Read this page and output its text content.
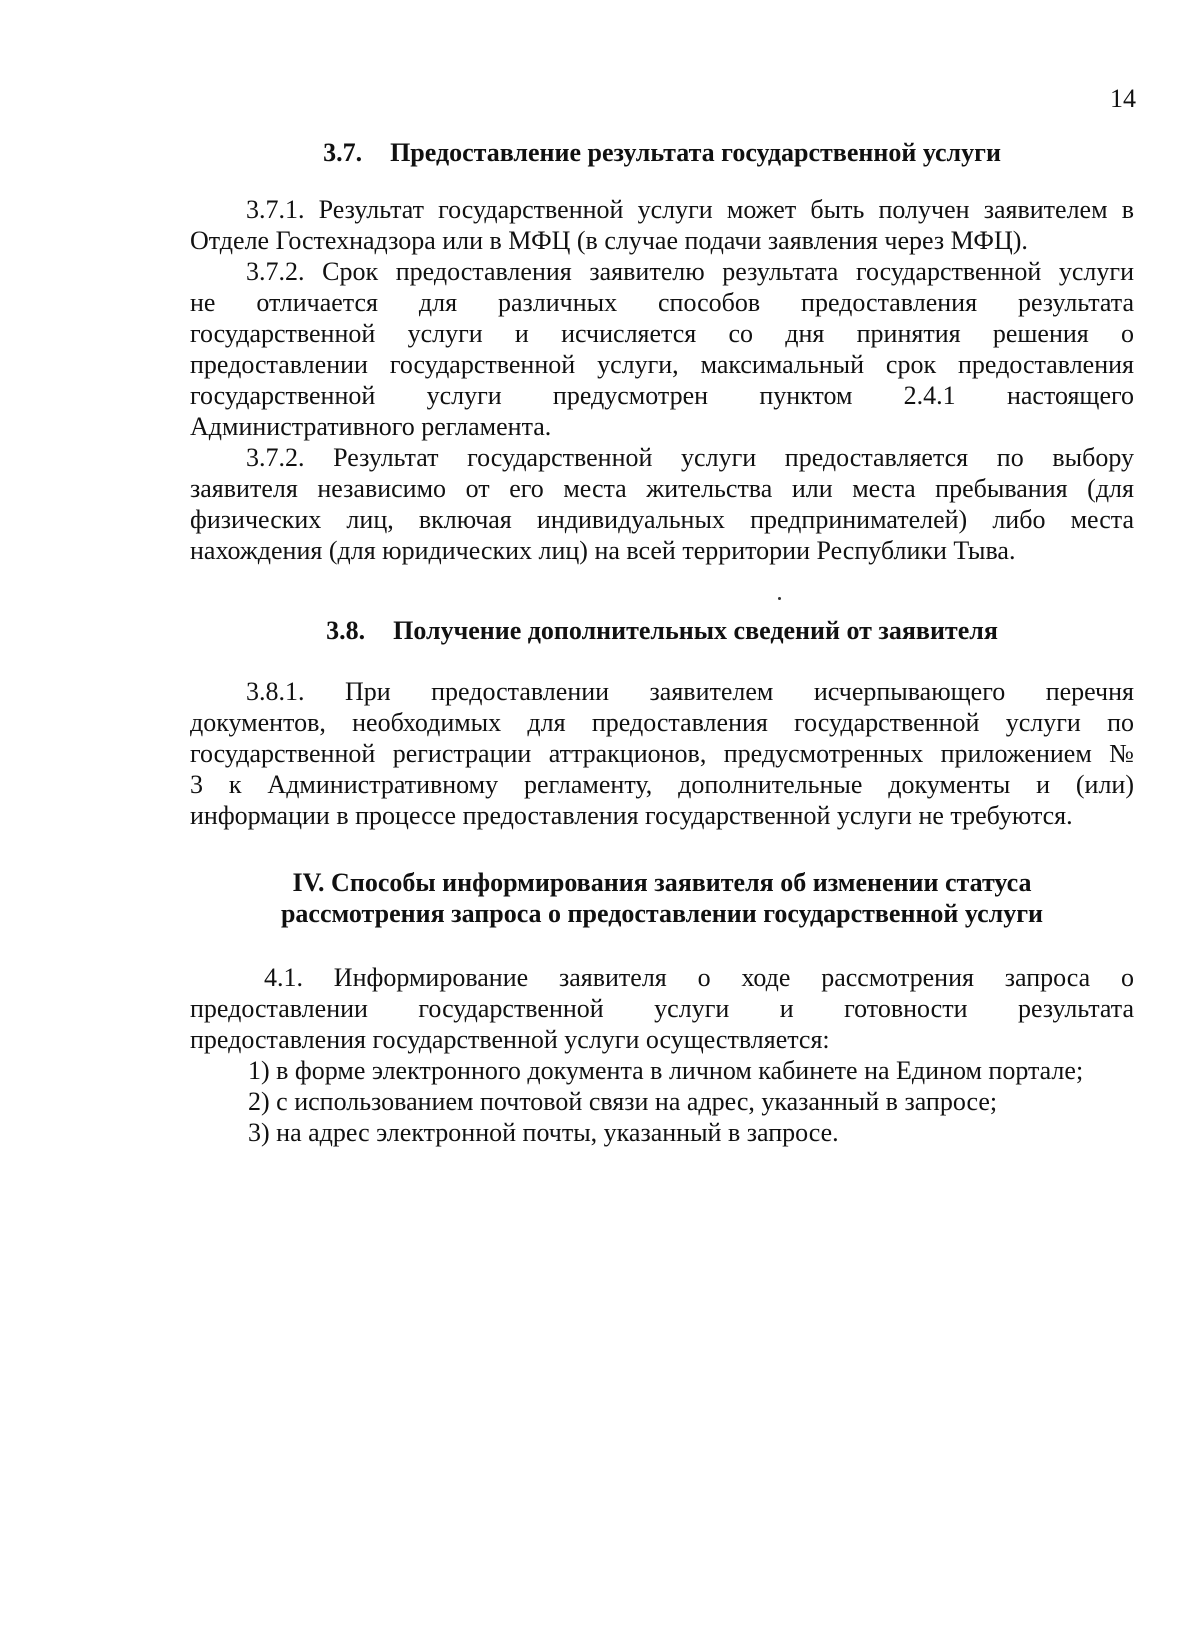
14
3.7. Предоставление результата государственной услуги
3.7.1. Результат государственной услуги может быть получен заявителем в
Отделе Гостехнадзора или в МФЦ (в случае подачи заявления через МФЦ).
3.7.2. Срок предоставления заявителю результата государственной услуги
не отличается для различных способов предоставления результата
государственной услуги и исчисляется со дня принятия решения о
предоставлении государственной услуги, максимальный срок предоставления
государственной услуги предусмотрен пунктом 2.4.1 настоящего
Административного регламента.
3.7.2. Результат государственной услуги предоставляется по выбору
заявителя независимо от его места жительства или места пребывания (для
физических лиц, включая индивидуальных предпринимателей) либо места
нахождения (для юридических лиц) на всей территории Республики Тыва.
3.8. Получение дополнительных сведений от заявителя
3.8.1. При предоставлении заявителем исчерпывающего перечня
документов, необходимых для предоставления государственной услуги по
государственной регистрации аттракционов, предусмотренных приложением №
3 к Административному регламенту, дополнительные документы и (или)
информации в процессе предоставления государственной услуги не требуются.
IV. Способы информирования заявителя об изменении статуса
рассмотрения запроса о предоставлении государственной услуги
4.1. Информирование заявителя о ходе рассмотрения запроса о
предоставлении государственной услуги и готовности результата
предоставления государственной услуги осуществляется:
1) в форме электронного документа в личном кабинете на Едином портале;
2) с использованием почтовой связи на адрес, указанный в запросе;
3) на адрес электронной почты, указанный в запросе.
